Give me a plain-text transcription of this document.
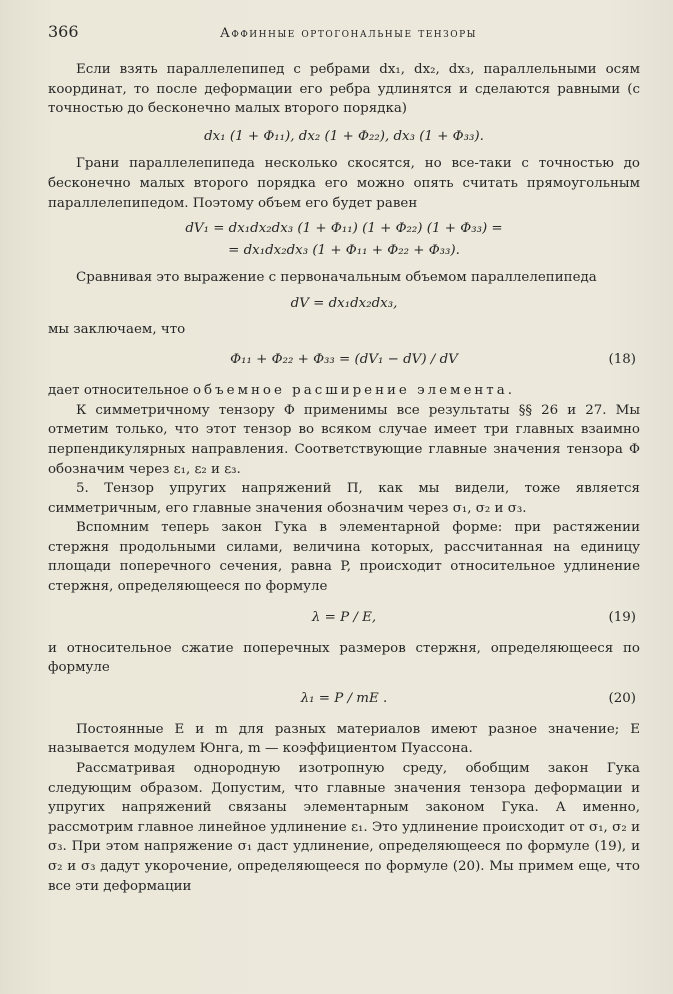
366	Аффинные ортогональные тензоры

Если взять параллелепипед с ребрами dx₁, dx₂, dx₃, параллельными осям координат, то после деформации его ребра удлинятся и сделаются равными (с точностью до бесконечно малых второго порядка)

dx₁ (1 + Φ₁₁), dx₂ (1 + Φ₂₂), dx₃ (1 + Φ₃₃).

Грани параллелепипеда несколько скосятся, но все-таки с точностью до бесконечно малых второго порядка его можно опять считать прямоугольным параллелепипедом. Поэтому объем его будет равен

dV₁ = dx₁dx₂dx₃ (1 + Φ₁₁) (1 + Φ₂₂) (1 + Φ₃₃) =
= dx₁dx₂dx₃ (1 + Φ₁₁ + Φ₂₂ + Φ₃₃).

Сравнивая это выражение с первоначальным объемом параллелепипеда

dV = dx₁dx₂dx₃,

мы заключаем, что

Φ₁₁ + Φ₂₂ + Φ₃₃ = (dV₁ − dV) / dV	(18)

дает относительное объемное расширение элемента.

К симметричному тензору Φ применимы все результаты §§ 26 и 27. Мы отметим только, что этот тензор во всяком случае имеет три главных взаимно перпендикулярных направления. Соответствующие главные значения тензора Φ обозначим через ε₁, ε₂ и ε₃.

5. Тензор упругих напряжений Π, как мы видели, тоже является симметричным, его главные значения обозначим через σ₁, σ₂ и σ₃.

Вспомним теперь закон Гука в элементарной форме: при растяжении стержня продольными силами, величина которых, рассчитанная на единицу площади поперечного сечения, равна P, происходит относительное удлинение стержня, определяющееся по формуле

λ = P / E,	(19)

и относительное сжатие поперечных размеров стержня, определяющееся по формуле

λ₁ = P / mE .	(20)

Постоянные E и m для разных материалов имеют разное значение; E называется модулем Юнга, m — коэффициентом Пуассона.

Рассматривая однородную изотропную среду, обобщим закон Гука следующим образом. Допустим, что главные значения тензора деформации и упругих напряжений связаны элементарным законом Гука. А именно, рассмотрим главное линейное удлинение ε₁. Это удлинение происходит от σ₁, σ₂ и σ₃. При этом напряжение σ₁ даст удлинение, определяющееся по формуле (19), и σ₂ и σ₃ дадут укорочение, определяющееся по формуле (20). Мы примем еще, что все эти деформации
